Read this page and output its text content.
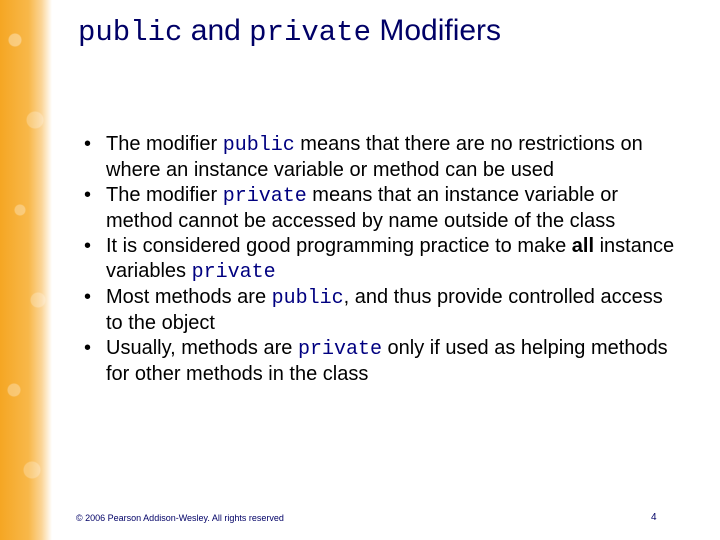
public and private Modifiers
• The modifier public means that there are no restrictions on where an instance variable or method can be used
• The modifier private means that an instance variable or method cannot be accessed by name outside of the class
• It is considered good programming practice to make all instance variables private
• Most methods are public, and thus provide controlled access to the object
• Usually, methods are private only if used as helping methods for other methods in the class
© 2006 Pearson Addison-Wesley. All rights reserved	4
